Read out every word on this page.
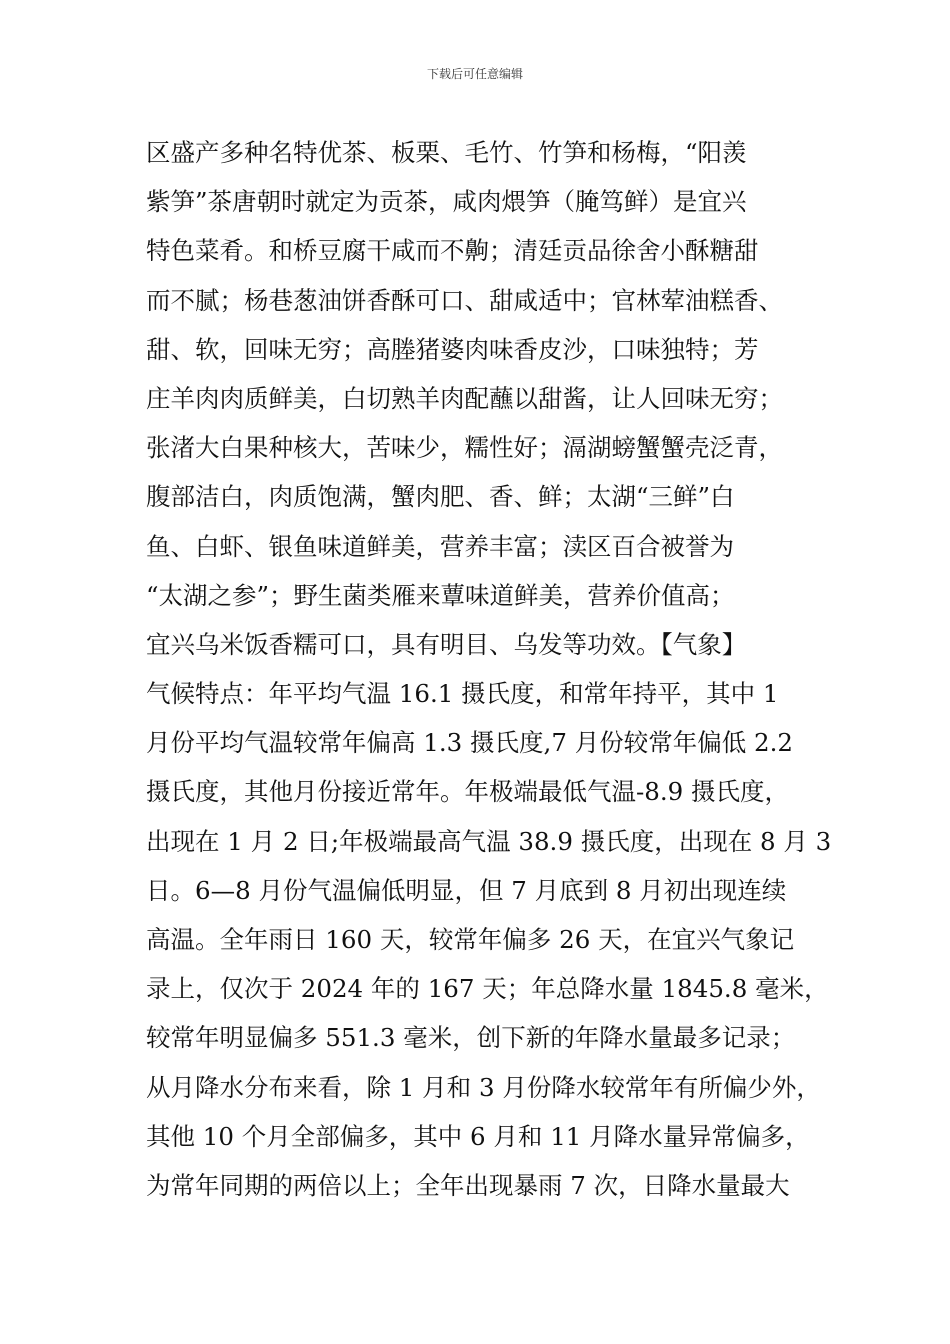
下载后可任意编辑
区盛产多种名特优茶、板栗、毛竹、竹笋和杨梅，“阳羡
紫笋”茶唐朝时就定为贡茶，咸肉煨笋（腌笃鲜）是宜兴
特色菜肴。和桥豆腐干咸而不齁；清廷贡品徐舍小酥糖甜
而不腻；杨巷葱油饼香酥可口、甜咸适中；官林荤油糕香、
甜、软，回味无穷；高塍猪婆肉味香皮沙，口味独特；芳
庄羊肉肉质鲜美，白切熟羊肉配蘸以甜酱，让人回味无穷；
张渚大白果种核大，苦味少，糯性好；滆湖螃蟹蟹壳泛青，
腹部洁白，肉质饱满，蟹肉肥、香、鲜；太湖“三鲜”白
鱼、白虾、银鱼味道鲜美，营养丰富；渎区百合被誉为
“太湖之参”；野生菌类雁来蕈味道鲜美，营养价值高；
宜兴乌米饭香糯可口，具有明目、乌发等功效。【气象】
气候特点：年平均气温 16.1 摄氏度，和常年持平，其中 1
月份平均气温较常年偏高 1.3 摄氏度,7 月份较常年偏低 2.2
摄氏度，其他月份接近常年。年极端最低气温-8.9 摄氏度，
出现在 1 月 2 日;年极端最高气温 38.9 摄氏度，出现在 8 月 3
日。6—8 月份气温偏低明显，但 7 月底到 8 月初出现连续
高温。全年雨日 160 天，较常年偏多 26 天，在宜兴气象记
录上，仅次于 2024 年的 167 天；年总降水量 1845.8 毫米，
较常年明显偏多 551.3 毫米，创下新的年降水量最多记录；
从月降水分布来看，除 1 月和 3 月份降水较常年有所偏少外，
其他 10 个月全部偏多，其中 6 月和 11 月降水量异常偏多，
为常年同期的两倍以上；全年出现暴雨 7 次，日降水量最大
